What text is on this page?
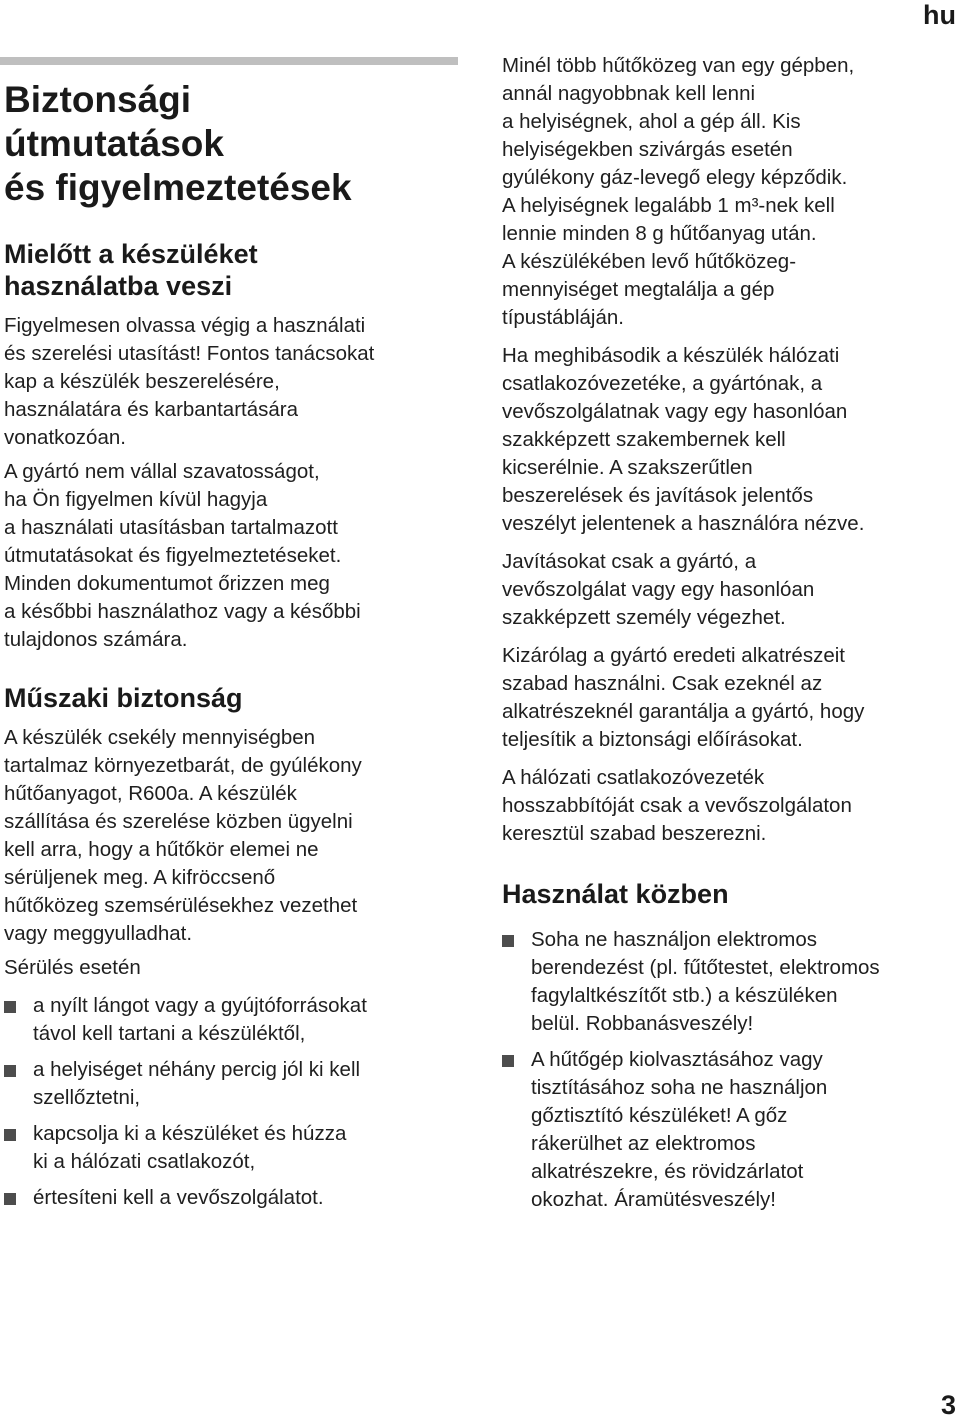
hu
Biztonsági
útmutatások
és figyelmeztetések
Mielőtt a készüléket
használatba veszi

Figyelmesen olvassa végig a használati
és szerelési utasítást! Fontos tanácsokat
kap a készülék beszerelésére,
használatára és karbantartására
vonatkozóan.

A gyártó nem vállal szavatosságot,
ha Ön figyelmen kívül hagyja
a használati utasításban tartalmazott
útmutatásokat és figyelmeztetéseket.
Minden dokumentumot őrizzen meg
a későbbi használathoz vagy a későbbi
tulajdonos számára.

Műszaki biztonság

A készülék csekély mennyiségben
tartalmaz környezetbarát, de gyúlékony
hűtőanyagot, R600a. A készülék
szállítása és szerelése közben ügyelni
kell arra, hogy a hűtőkör elemei ne
sérüljenek meg. A kifröccsenő
hűtőközeg szemsérülésekhez vezethet
vagy meggyulladhat.

Sérülés esetén

a nyílt lángot vagy a gyújtóforrásokat
távol kell tartani a készüléktől,
a helyiséget néhány percig jól ki kell
szellőztetni,
kapcsolja ki a készüléket és húzza
ki a hálózati csatlakozót,
értesíteni kell a vevőszolgálatot.

Minél több hűtőközeg van egy gépben,
annál nagyobbnak kell lenni
a helyiségnek, ahol a gép áll. Kis
helyiségekben szivárgás esetén
gyúlékony gáz-levegő elegy képződik.
A helyiségnek legalább 1 m³-nek kell
lennie minden 8 g hűtőanyag után.
A készülékében levő hűtőközeg-
mennyiséget megtalálja a gép
típustábláján.

Ha meghibásodik a készülék hálózati
csatlakozóvezetéke, a gyártónak, a
vevőszolgálatnak vagy egy hasonlóan
szakképzett szakembernek kell
kicserélnie. A szakszerűtlen
beszerelések és javítások jelentős
veszélyt jelentenek a használóra nézve.

Javításokat csak a gyártó, a
vevőszolgálat vagy egy hasonlóan
szakképzett személy végezhet.

Kizárólag a gyártó eredeti alkatrészeit
szabad használni. Csak ezeknél az
alkatrészeknél garantálja a gyártó, hogy
teljesítik a biztonsági előírásokat.

A hálózati csatlakozóvezeték
hosszabbítóját csak a vevőszolgálaton
keresztül szabad beszerezni.

Használat közben
Soha ne használjon elektromos
berendezést (pl. fűtőtestet, elektromos
fagylaltkészítőt stb.) a készüléken
belül. Robbanásveszély!
A hűtőgép kiolvasztásához vagy
tisztításához soha ne használjon
gőztisztító készüléket! A gőz
rákerülhet az elektromos
alkatrészekre, és rövidzárlatot
okozhat. Áramütésveszély!
3
